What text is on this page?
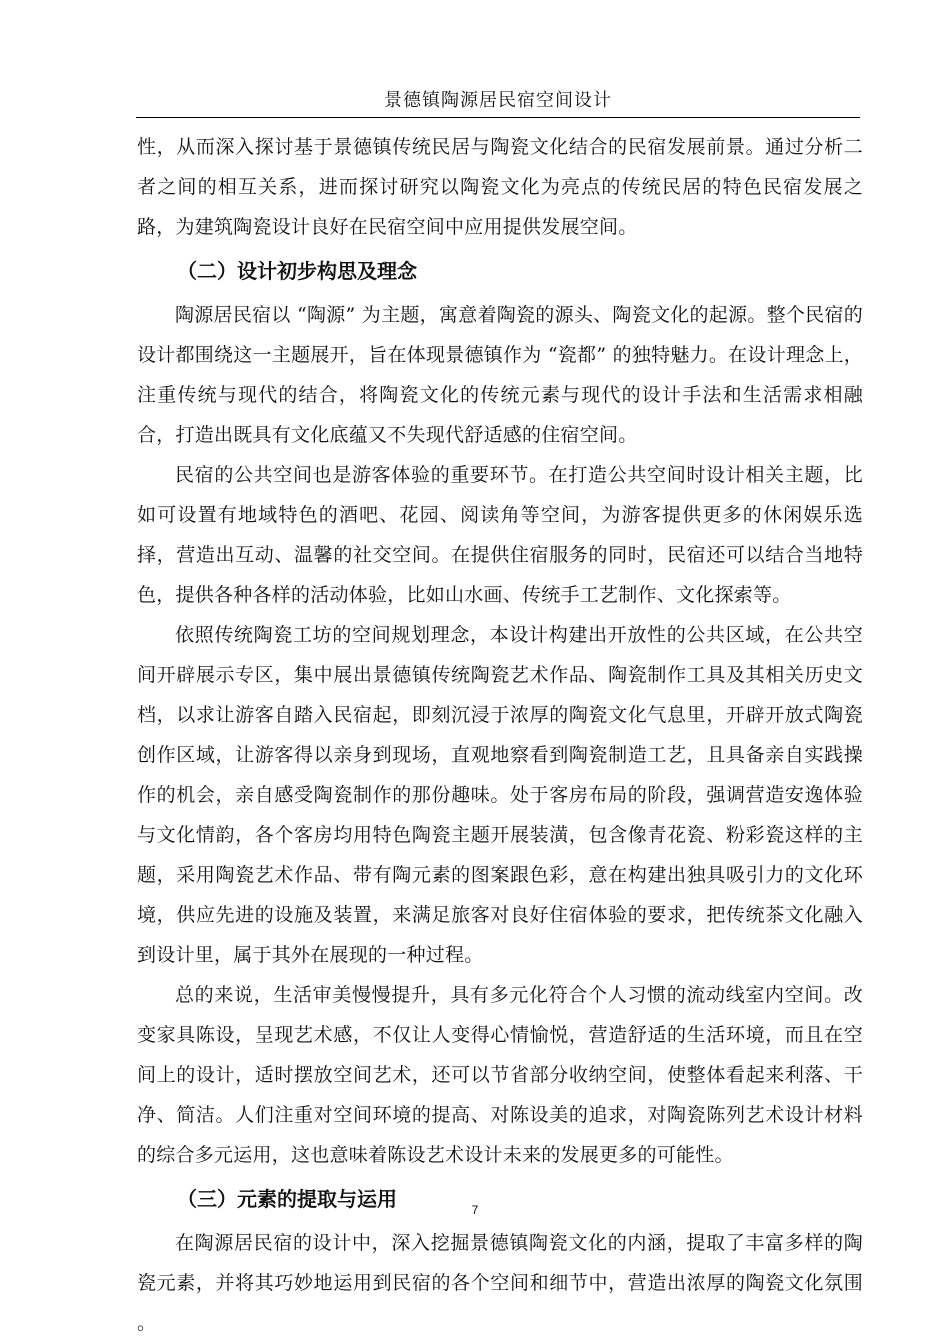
景德镇陶源居民宿空间设计

性，从而深入探讨基于景德镇传统民居与陶瓷文化结合的民宿发展前景。通过分析二者之间的相互关系，进而探讨研究以陶瓷文化为亮点的传统民居的特色民宿发展之路，为建筑陶瓷设计良好在民宿空间中应用提供发展空间。

（二）设计初步构思及理念

陶源居民宿以 “陶源” 为主题，寓意着陶瓷的源头、陶瓷文化的起源。整个民宿的设计都围绕这一主题展开，旨在体现景德镇作为 “瓷都” 的独特魅力。在设计理念上，注重传统与现代的结合，将陶瓷文化的传统元素与现代的设计手法和生活需求相融合，打造出既具有文化底蕴又不失现代舒适感的住宿空间。

民宿的公共空间也是游客体验的重要环节。在打造公共空间时设计相关主题，比如可设置有地域特色的酒吧、花园、阅读角等空间，为游客提供更多的休闲娱乐选择，营造出互动、温馨的社交空间。在提供住宿服务的同时，民宿还可以结合当地特色，提供各种各样的活动体验，比如山水画、传统手工艺制作、文化探索等。

依照传统陶瓷工坊的空间规划理念，本设计构建出开放性的公共区域，在公共空间开辟展示专区，集中展出景德镇传统陶瓷艺术作品、陶瓷制作工具及其相关历史文档，以求让游客自踏入民宿起，即刻沉浸于浓厚的陶瓷文化气息里，开辟开放式陶瓷创作区域，让游客得以亲身到现场，直观地察看到陶瓷制造工艺，且具备亲自实践操作的机会，亲自感受陶瓷制作的那份趣味。处于客房布局的阶段，强调营造安逸体验与文化情韵，各个客房均用特色陶瓷主题开展装潢，包含像青花瓷、粉彩瓷这样的主题，采用陶瓷艺术作品、带有陶元素的图案跟色彩，意在构建出独具吸引力的文化环境，供应先进的设施及装置，来满足旅客对良好住宿体验的要求，把传统茶文化融入到设计里，属于其外在展现的一种过程。

总的来说，生活审美慢慢提升，具有多元化符合个人习惯的流动线室内空间。改变家具陈设，呈现艺术感，不仅让人变得心情愉悦，营造舒适的生活环境，而且在空间上的设计，适时摆放空间艺术，还可以节省部分收纳空间，使整体看起来利落、干净、简洁。人们注重对空间环境的提高、对陈设美的追求，对陶瓷陈列艺术设计材料的综合多元运用，这也意味着陈设艺术设计未来的发展更多的可能性。

（三）元素的提取与运用

在陶源居民宿的设计中，深入挖掘景德镇陶瓷文化的内涵，提取了丰富多样的陶瓷元素，并将其巧妙地运用到民宿的各个空间和细节中，营造出浓厚的陶瓷文化氛围 。

7
